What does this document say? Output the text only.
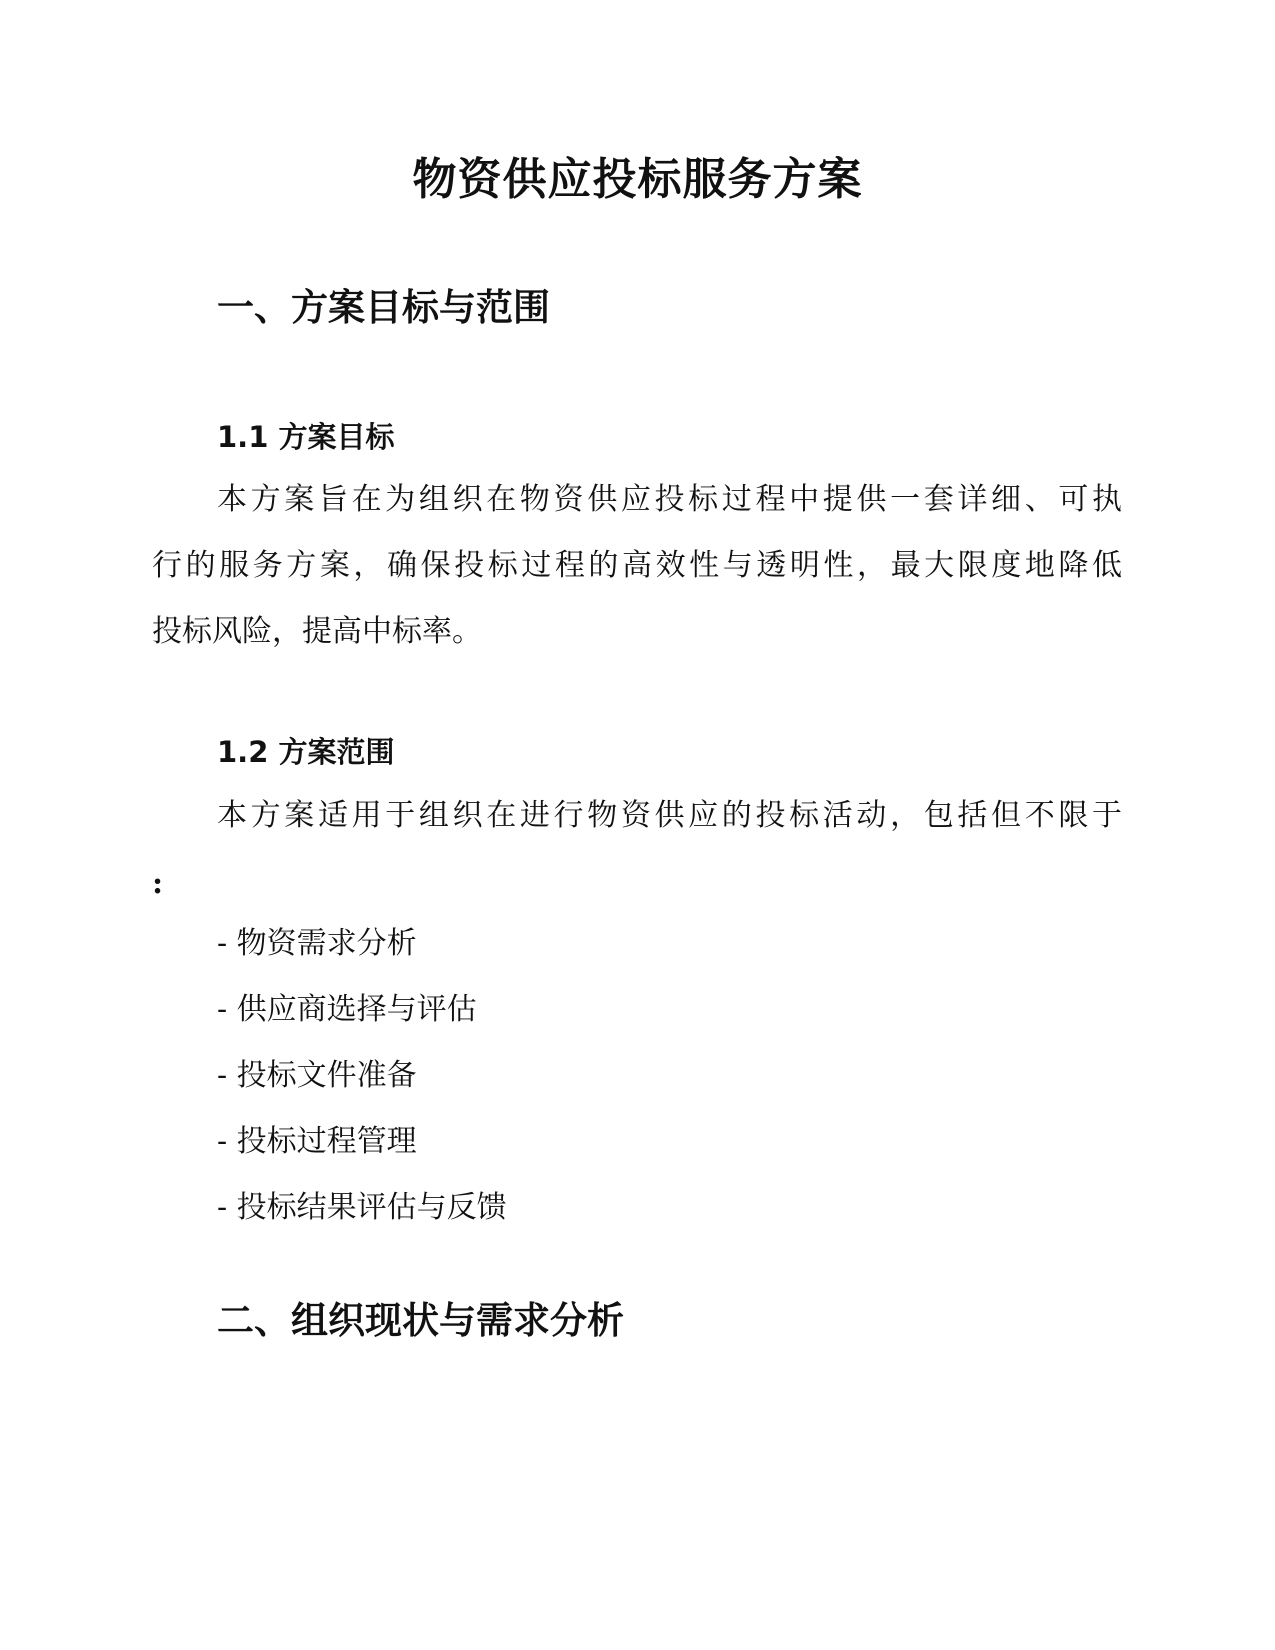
物资供应投标服务方案
一、方案目标与范围
1.1 方案目标

本方案旨在为组织在物资供应投标过程中提供一套详细、可执
行的服务方案，确保投标过程的高效性与透明性，最大限度地降低
投标风险，提高中标率。

1.2 方案范围

本方案适用于组织在进行物资供应的投标活动，包括但不限于

:
- 物资需求分析
- 供应商选择与评估
- 投标文件准备
- 投标过程管理
- 投标结果评估与反馈
二、组织现状与需求分析
